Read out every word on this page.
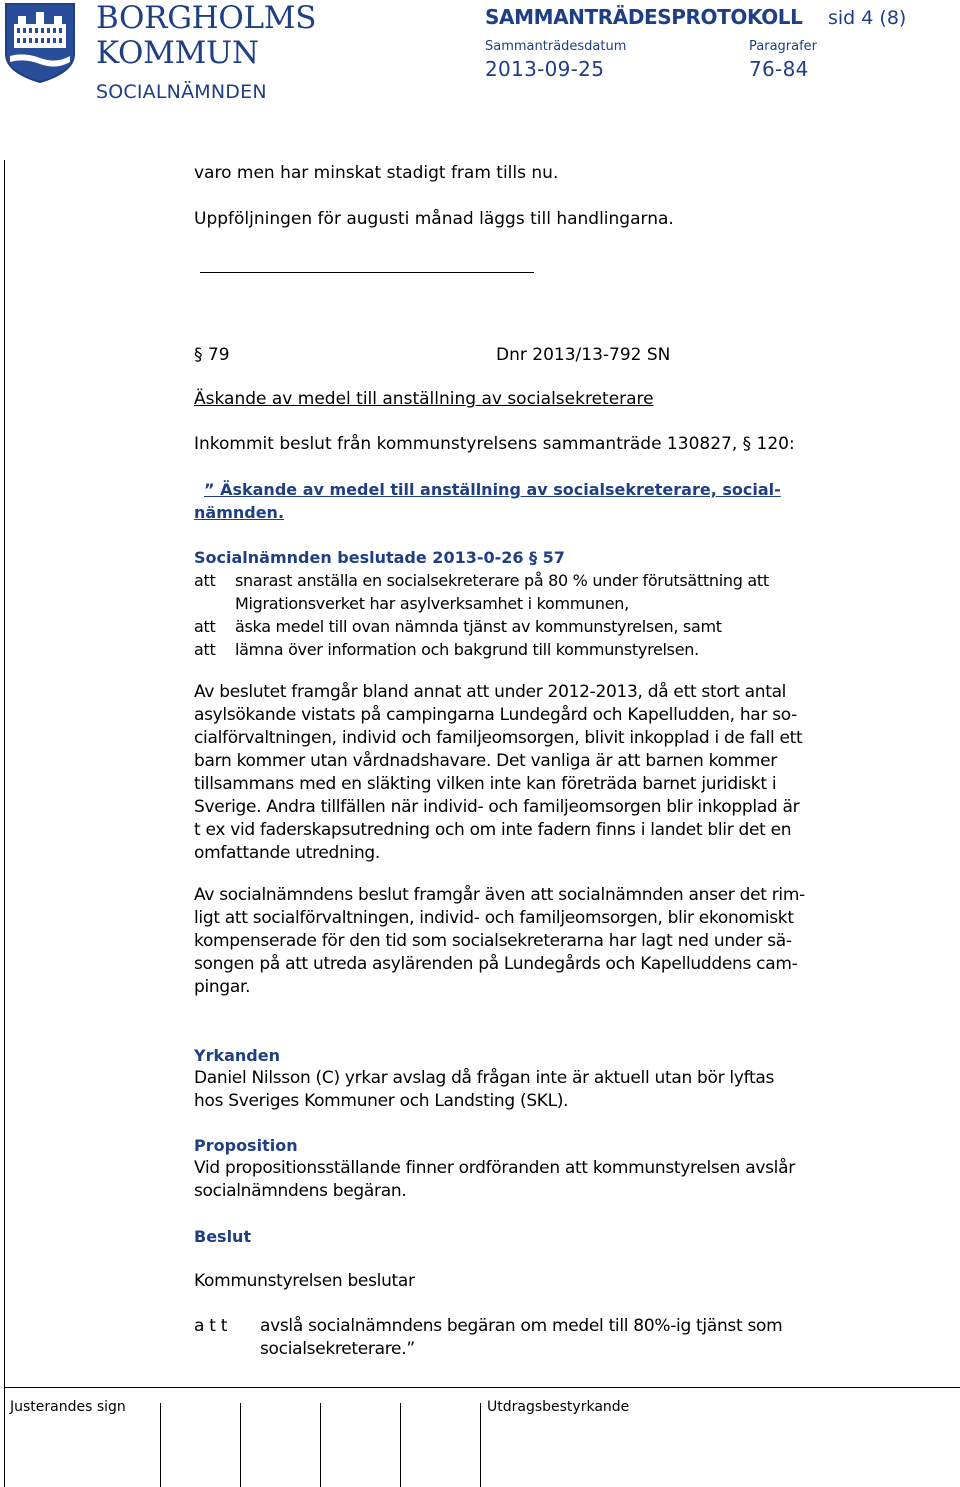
BORGHOLMS
KOMMUN
SOCIALNÄMNDEN
SAMMANTRÄDESPROTOKOLL sid 4 (8)
Sammanträdesdatum	Paragrafer
2013-09-25	76-84
varo men har minskat stadigt fram tills nu.
Uppföljningen för augusti månad läggs till handlingarna.
§ 79	Dnr 2013/13-792 SN
Äskande av medel till anställning av socialsekreterare
Inkommit beslut från kommunstyrelsens sammanträde 130827, § 120:
” Äskande av medel till anställning av socialsekreterare, social-
nämnden.
Socialnämnden beslutade 2013-0-26 § 57
att snarast anställa en socialsekreterare på 80 % under förutsättning att
Migrationsverket har asylverksamhet i kommunen,
att äska medel till ovan nämnda tjänst av kommunstyrelsen, samt
att lämna över information och bakgrund till kommunstyrelsen.
Av beslutet framgår bland annat att under 2012-2013, då ett stort antal
asylsökande vistats på campingarna Lundegård och Kapelludden, har so-
cialförvaltningen, individ och familjeomsorgen, blivit inkopplad i de fall ett
barn kommer utan vårdnadshavare. Det vanliga är att barnen kommer
tillsammans med en släkting vilken inte kan företräda barnet juridiskt i
Sverige. Andra tillfällen när individ- och familjeomsorgen blir inkopplad är
t ex vid faderskapsutredning och om inte fadern finns i landet blir det en
omfattande utredning.
Av socialnämndens beslut framgår även att socialnämnden anser det rim-
ligt att socialförvaltningen, individ- och familjeomsorgen, blir ekonomiskt
kompenserade för den tid som socialsekreterarna har lagt ned under sä-
songen på att utreda asylärenden på Lundegårds och Kapelluddens cam-
pingar.
Yrkanden
Daniel Nilsson (C) yrkar avslag då frågan inte är aktuell utan bör lyftas
hos Sveriges Kommuner och Landsting (SKL).
Proposition
Vid propositionsställande finner ordföranden att kommunstyrelsen avslår
socialnämndens begäran.
Beslut
Kommunstyrelsen beslutar
a t t avslå socialnämndens begäran om medel till 80%-ig tjänst som
socialsekreterare.”
Justerandes sign	Utdragsbestyrkande
